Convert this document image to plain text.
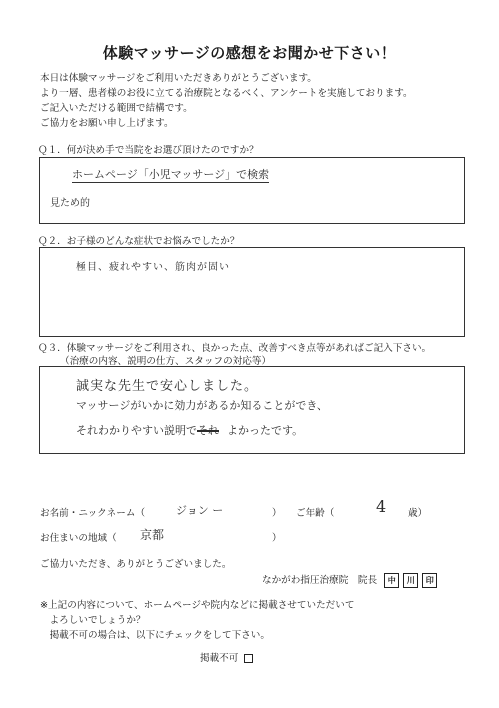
体験マッサージの感想をお聞かせ下さい！
本日は体験マッサージをご利用いただきありがとうございます。
より一層、患者様のお役に立てる治療院となるべく、アンケートを実施しております。
ご記入いただける範囲で結構です。
ご協力をお願い申し上げます。
Ｑ１．何が決め手で当院をお選び頂けたのですか？
ホームページ「小児マッサージ」で検索
見ため的
Ｑ２．お子様のどんな症状でお悩みでしたか？
極目、疲れやすい、筋肉が固い
Ｑ３．体験マッサージをご利用され、良かった点、改善すべき点等があればご記入下さい。
（治療の内容、説明の仕方、スタッフの対応等）
誠実な先生で安心しました。
マッサージがいかに効力があるか知ることができ、
それわかりやすい説明でそれ よかったです。
お名前・ニックネーム（	ジョン ー	） ご年齢（	4 歳）
お住まいの地域（ 京都	）
ご協力いただき、ありがとうございました。
なかがわ指圧治療院　院長 中 川 印
※上記の内容について、ホームページや院内などに掲載させていただいて
　よろしいでしょうか？
　掲載不可の場合は、以下にチェックをして下さい。
掲載不可
